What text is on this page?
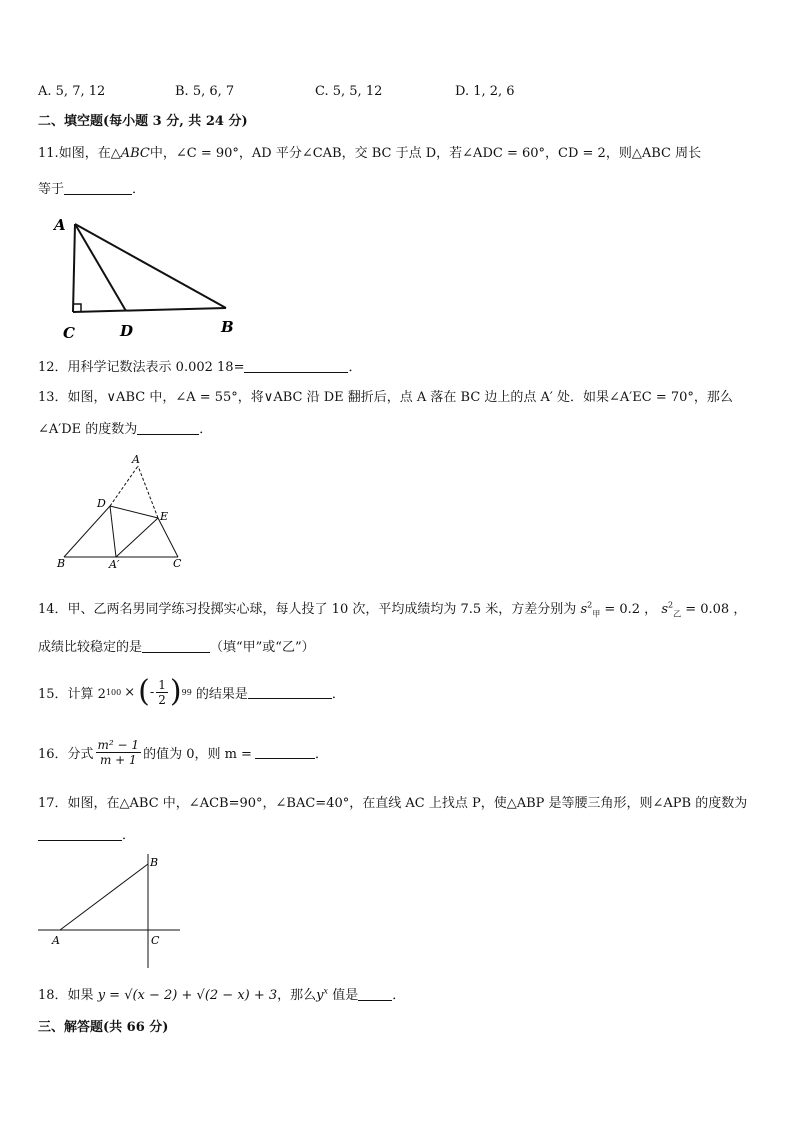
A. 5, 7, 12	B. 5, 6, 7	C. 5, 5, 12	D. 1, 2, 6
二、填空题(每小题 3 分, 共 24 分)
11.如图，在△ABC中，∠C = 90°，AD 平分∠CAB，交 BC 于点 D，若∠ADC = 60°，CD = 2，则△ABC 周长
等于	．
A
C	D	B
12．用科学记数法表示 0.002 18=	．
13．如图，∨ABC 中，∠A = 55°，将∨ABC 沿 DE 翻折后，点 A 落在 BC 边上的点 A′ 处．如果∠A′EC = 70°，那么
∠A′DE 的度数为	．
A
D
E
B	A′	C
14．甲、乙两名男同学练习投掷实心球，每人投了 10 次，平均成绩均为 7.5 米，方差分别为 $s^2_甲 = 0.2$ ， $s^2_乙 = 0.08$ ，
成绩比较稳定的是	（填“甲”或“乙”）
15．计算 2 100 × ( - $\frac{1}{2}$ ) 99 的结果是	．
16．分式 $\frac{\text{m² − 1}}{m + 1}$ 的值为 0，则 m =	．
17．如图，在△ABC 中，∠ACB=90°，∠BAC=40°，在直线 AC 上找点 P，使△ABP 是等腰三角形，则∠APB 的度数为
．
B
A	C
18．如果 y = √(x − 2) + √(2 − x) + 3，那么$y^x$ 值是	．
三、解答题(共 66 分)
